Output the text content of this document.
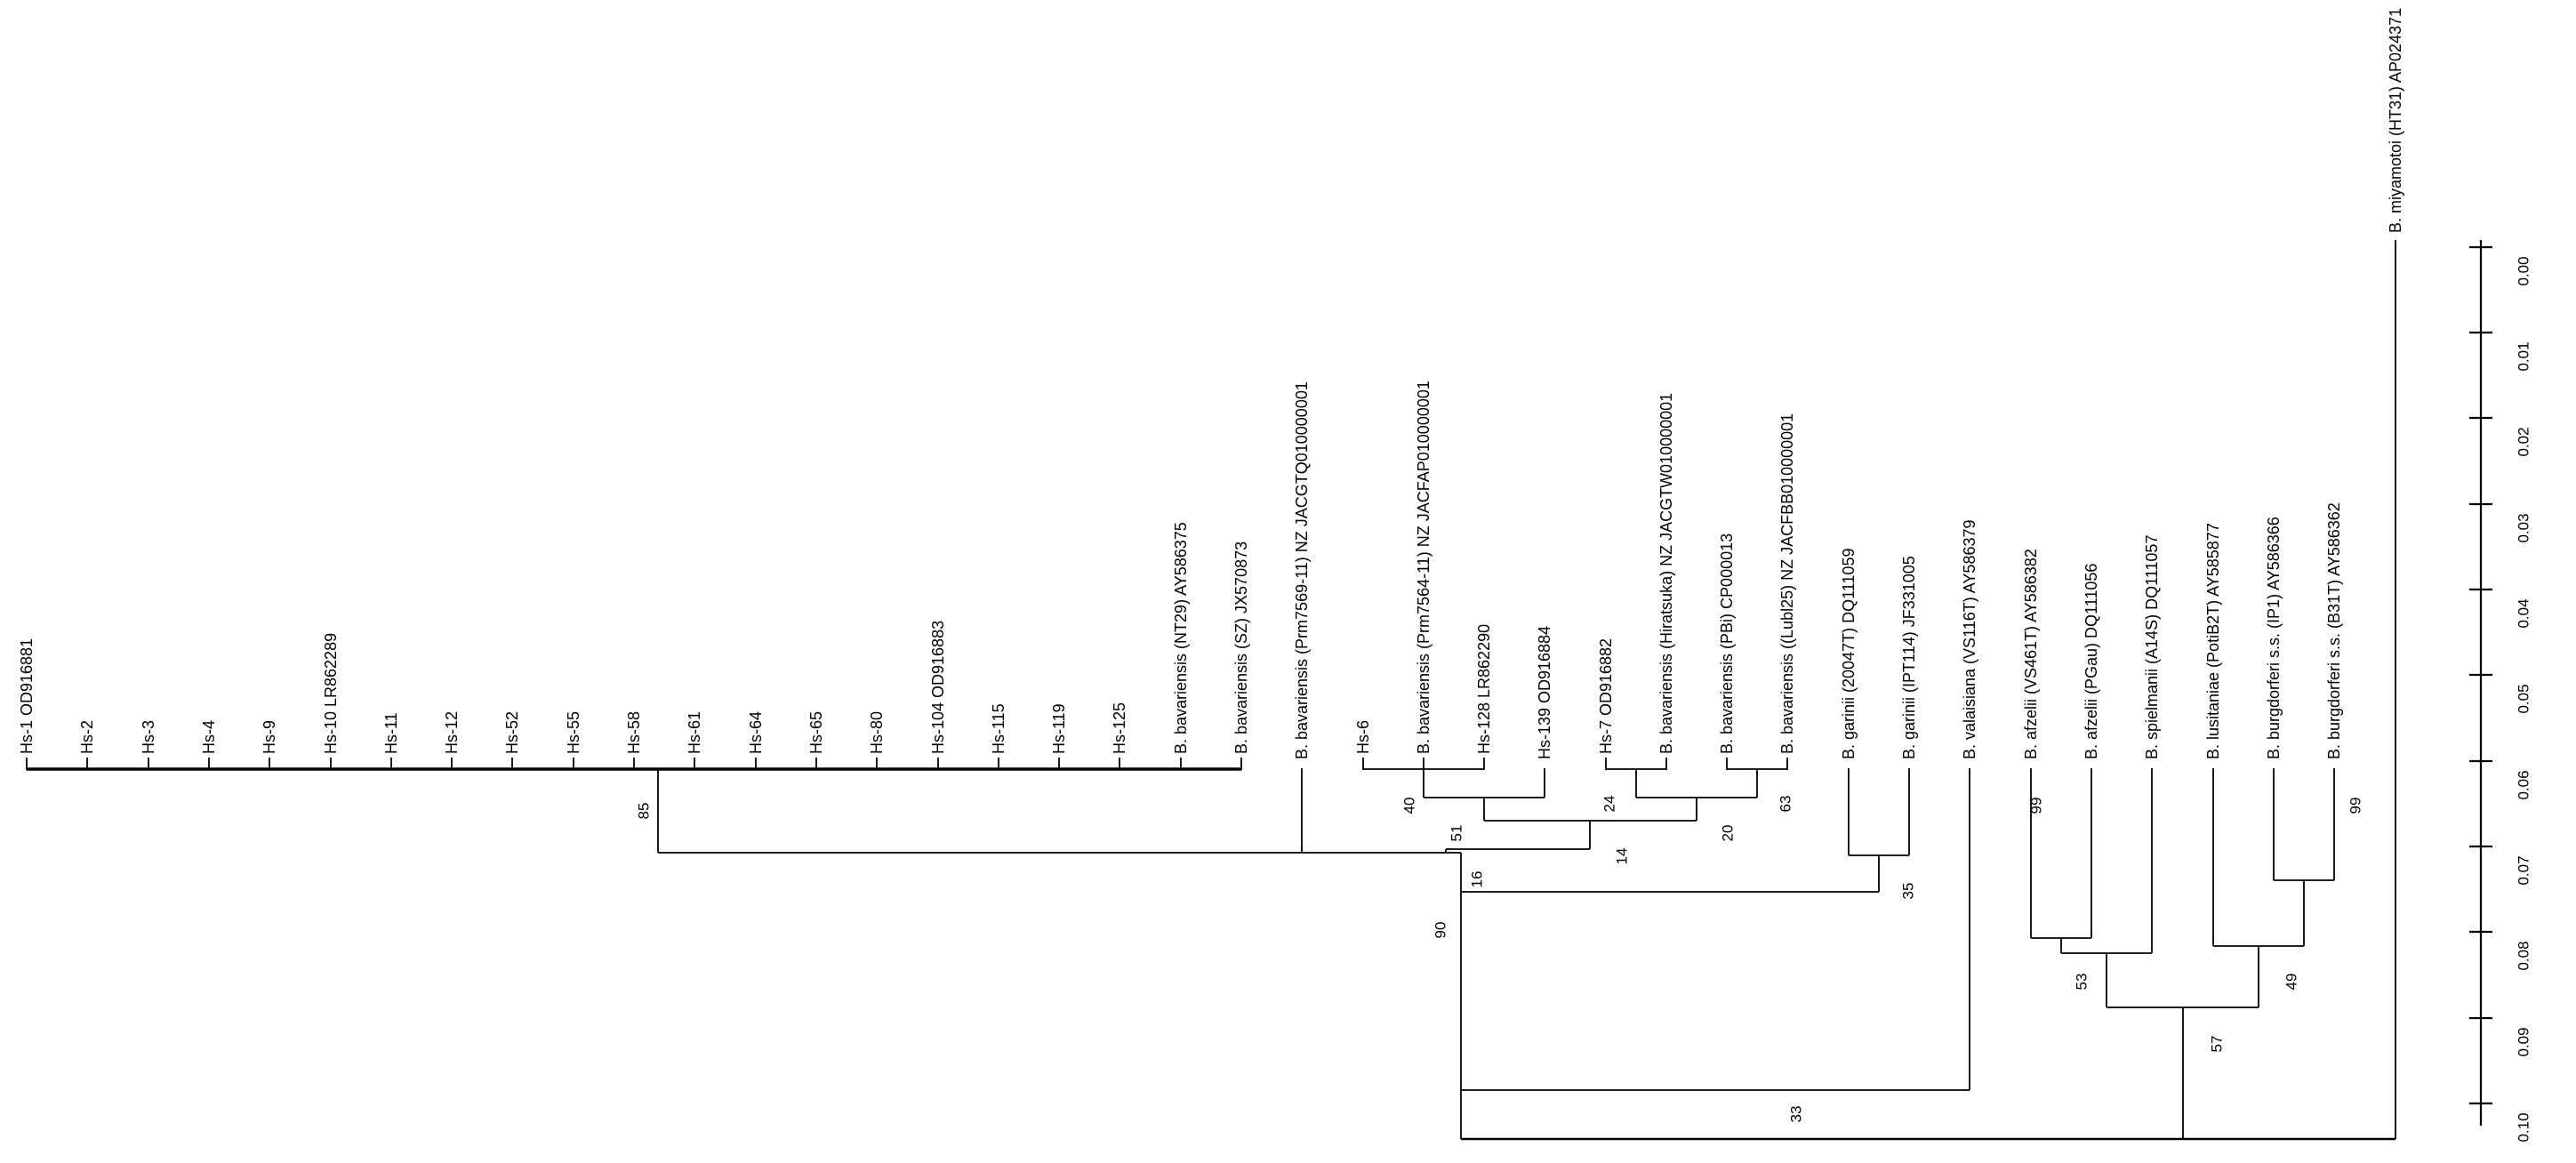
Hs-1 OD916881	Hs-2	Hs-3	Hs-4	Hs-9	Hs-10 LR862289	Hs-11	Hs-12	Hs-52	Hs-55	Hs-58	Hs-61	Hs-64	Hs-65	Hs-80	Hs-104 OD916883	Hs-115	Hs-119	Hs-125	B. bavariensis (NT29) AY586375	B. bavariensis (SZ) JX570873	B. bavariensis (Prm7569-11) NZ JACGTQ010000001	Hs-6	B. bavariensis (Prm7564-11) NZ JACFAP010000001	Hs-128 LR862290	Hs-139 OD916884	Hs-7 OD916882	B. bavariensis (Hiratsuka) NZ JACGTW010000001	B. bavariensis (PBi) CP000013	B. bavariensis ((Lubl25) NZ JACFBB010000001	B. garinii (20047T) DQ111059	B. garinii (IPT114) JF331005	B. valaisiana (VS116T) AY586379	B. afzelii (VS461T) AY586382	B. afzelii (PGau) DQ111056	B. spielmanii (A14S) DQ111057	B. lusitaniae (PotiB2T) AY585877	B. burgdorferi s.s. (IP1) AY586366	B. burgdorferi s.s. (B31T) AY586362
B. miyamotoi (HT31) AP024371
85	40
51
24	63
20
14
16
90
35
33
99
53
99
49
57
0.00
0.01
0.02
0.03
0.04
0.05
0.06
0.07
0.08
0.09
0.10
